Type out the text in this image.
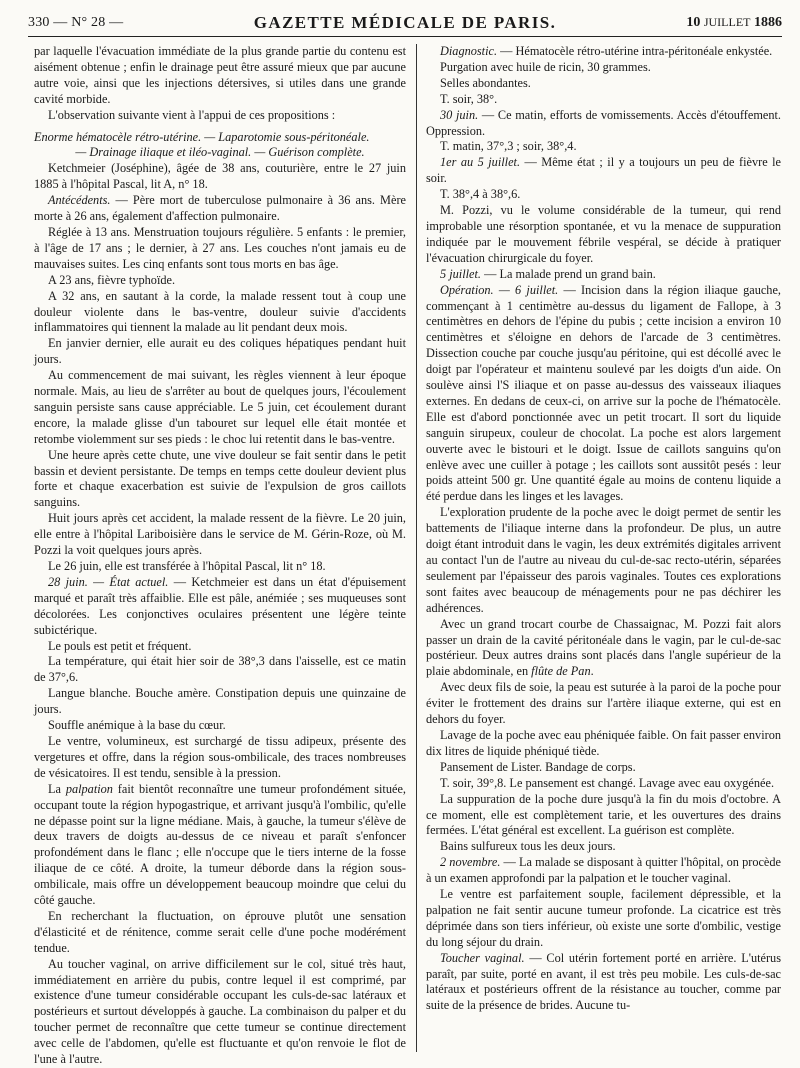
330 — N° 28 —	GAZETTE MÉDICALE DE PARIS.	10 JUILLET 1886

par laquelle l'évacuation immédiate de la plus grande partie du contenu est aisément obtenue ; enfin le drainage peut être assuré mieux que par aucune autre voie, ainsi que les injections détersives, si utiles dans une grande cavité morbide.

L'observation suivante vient à l'appui de ces propositions :

Enorme hématocèle rétro-utérine. — Laparotomie sous-péritonéale.

— Drainage iliaque et iléo-vaginal. — Guérison complète.

Ketchmeier (Joséphine), âgée de 38 ans, couturière, entre le 27 juin 1885 à l'hôpital Pascal, lit A, n° 18.

Antécédents. — Père mort de tuberculose pulmonaire à 36 ans. Mère morte à 26 ans, également d'affection pulmonaire.

Réglée à 13 ans. Menstruation toujours régulière. 5 enfants : le premier, à l'âge de 17 ans ; le dernier, à 27 ans. Les couches n'ont jamais eu de mauvaises suites. Les cinq enfants sont tous morts en bas âge.

A 23 ans, fièvre typhoïde.

A 32 ans, en sautant à la corde, la malade ressent tout à coup une douleur violente dans le bas-ventre, douleur suivie d'accidents inflammatoires qui tiennent la malade au lit pendant deux mois.

En janvier dernier, elle aurait eu des coliques hépatiques pendant huit jours.

Au commencement de mai suivant, les règles viennent à leur époque normale. Mais, au lieu de s'arrêter au bout de quelques jours, l'écoulement sanguin persiste sans cause appréciable. Le 5 juin, cet écoulement durant encore, la malade glisse d'un tabouret sur lequel elle était montée et retombe violemment sur ses pieds : le choc lui retentit dans le bas-ventre.

Une heure après cette chute, une vive douleur se fait sentir dans le petit bassin et devient persistante. De temps en temps cette douleur devient plus forte et chaque exacerbation est suivie de l'expulsion de gros caillots sanguins.

Huit jours après cet accident, la malade ressent de la fièvre. Le 20 juin, elle entre à l'hôpital Lariboisière dans le service de M. Gérin-Roze, où M. Pozzi la voit quelques jours après.

Le 26 juin, elle est transférée à l'hôpital Pascal, lit n° 18.

28 juin. — État actuel. — Ketchmeier est dans un état d'épuisement marqué et paraît très affaiblie. Elle est pâle, anémiée ; ses muqueuses sont décolorées. Les conjonctives oculaires présentent une légère teinte subictérique.

Le pouls est petit et fréquent.

La température, qui était hier soir de 38°,3 dans l'aisselle, est ce matin de 37°,6.

Langue blanche. Bouche amère. Constipation depuis une quinzaine de jours.

Souffle anémique à la base du cœur.

Le ventre, volumineux, est surchargé de tissu adipeux, présente des vergetures et offre, dans la région sous-ombilicale, des traces nombreuses de vésicatoires. Il est tendu, sensible à la pression.

La palpation fait bientôt reconnaître une tumeur profondément située, occupant toute la région hypogastrique, et arrivant jusqu'à l'ombilic, qu'elle ne dépasse point sur la ligne médiane. Mais, à gauche, la tumeur s'élève de deux travers de doigts au-dessus de ce niveau et paraît s'enfoncer profondément dans le flanc ; elle n'occupe que le tiers interne de la fosse iliaque de ce côté. A droite, la tumeur déborde dans la région sous-ombilicale, mais offre un développement beaucoup moindre que celui du côté gauche.

En recherchant la fluctuation, on éprouve plutôt une sensation d'élasticité et de rénitence, comme serait celle d'une poche modérément tendue.

Au toucher vaginal, on arrive difficilement sur le col, situé très haut, immédiatement en arrière du pubis, contre lequel il est comprimé, par existence d'une tumeur considérable occupant les culs-de-sac latéraux et postérieurs et surtout développés à gauche. La combinaison du palper et du toucher permet de reconnaître que cette tumeur se continue directement avec celle de l'abdomen, qu'elle est fluctuante et qu'on renvoie le flot de l'une à l'autre.

Diagnostic. — Hématocèle rétro-utérine intra-péritonéale enkystée.

Purgation avec huile de ricin, 30 grammes.

Selles abondantes.

T. soir, 38°.

30 juin. — Ce matin, efforts de vomissements. Accès d'étouffement. Oppression.

T. matin, 37°,3 ; soir, 38°,4.

1er au 5 juillet. — Même état ; il y a toujours un peu de fièvre le soir.

T. 38°,4 à 38°,6.

M. Pozzi, vu le volume considérable de la tumeur, qui rend improbable une résorption spontanée, et vu la menace de suppuration indiquée par le mouvement fébrile vespéral, se décide à pratiquer l'évacuation chirurgicale du foyer.

5 juillet. — La malade prend un grand bain.

Opération. — 6 juillet. — Incision dans la région iliaque gauche, commençant à 1 centimètre au-dessus du ligament de Fallope, à 3 centimètres en dehors de l'épine du pubis ; cette incision a environ 10 centimètres et s'éloigne en dehors de l'arcade de 3 centimètres. Dissection couche par couche jusqu'au péritoine, qui est décollé avec le doigt par l'opérateur et maintenu soulevé par les doigts d'un aide. On soulève ainsi l'S iliaque et on passe au-dessus des vaisseaux iliaques externes. En dedans de ceux-ci, on arrive sur la poche de l'hématocèle. Elle est d'abord ponctionnée avec un petit trocart. Il sort du liquide sanguin sirupeux, couleur de chocolat. La poche est alors largement ouverte avec le bistouri et le doigt. Issue de caillots sanguins qu'on enlève avec une cuiller à potage ; les caillots sont aussitôt pesés : leur poids atteint 500 gr. Une quantité égale au moins de contenu liquide a été perdue dans les linges et les lavages.

L'exploration prudente de la poche avec le doigt permet de sentir les battements de l'iliaque interne dans la profondeur. De plus, un autre doigt étant introduit dans le vagin, les deux extrémités digitales arrivent au contact l'un de l'autre au niveau du cul-de-sac recto-utérin, séparées seulement par l'épaisseur des parois vaginales. Toutes ces explorations sont faites avec beaucoup de ménagements pour ne pas déchirer les adhérences.

Avec un grand trocart courbe de Chassaignac, M. Pozzi fait alors passer un drain de la cavité péritonéale dans le vagin, par le cul-de-sac postérieur. Deux autres drains sont placés dans l'angle supérieur de la plaie abdominale, en flûte de Pan.

Avec deux fils de soie, la peau est suturée à la paroi de la poche pour éviter le frottement des drains sur l'artère iliaque externe, qui est en dehors du foyer.

Lavage de la poche avec eau phéniquée faible. On fait passer environ dix litres de liquide phéniqué tiède.

Pansement de Lister. Bandage de corps.

T. soir, 39°,8. Le pansement est changé. Lavage avec eau oxygénée.

La suppuration de la poche dure jusqu'à la fin du mois d'octobre. A ce moment, elle est complètement tarie, et les ouvertures des drains fermées. L'état général est excellent. La guérison est complète.

Bains sulfureux tous les deux jours.

2 novembre. — La malade se disposant à quitter l'hôpital, on procède à un examen approfondi par la palpation et le toucher vaginal.

Le ventre est parfaitement souple, facilement dépressible, et la palpation ne fait sentir aucune tumeur profonde. La cicatrice est très déprimée dans son tiers inférieur, où existe une sorte d'ombilic, vestige du long séjour du drain.

Toucher vaginal. — Col utérin fortement porté en arrière. L'utérus paraît, par suite, porté en avant, il est très peu mobile. Les culs-de-sac latéraux et postérieurs offrent de la résistance au toucher, comme par suite de la présence de brides. Aucune tu-
